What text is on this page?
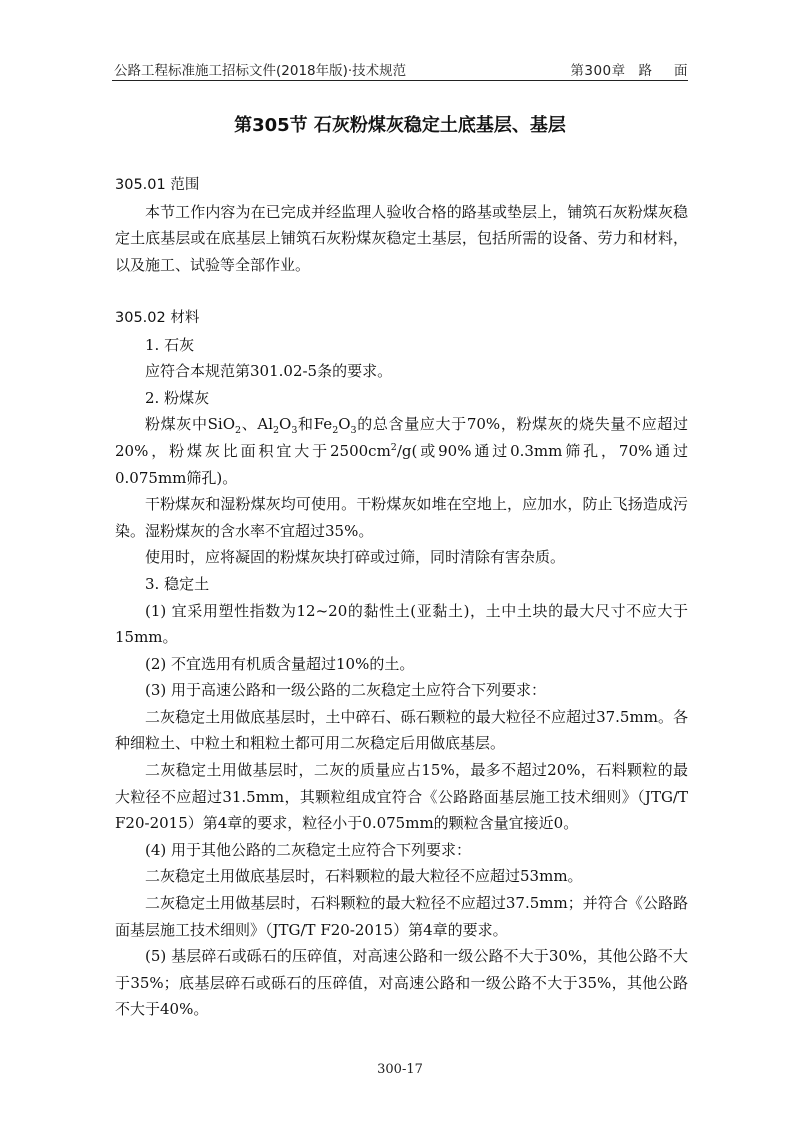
公路工程标准施工招标文件(2018年版)·技术规范	第300章 路 面
第305节 石灰粉煤灰稳定土底基层、基层

305.01 范围

本节工作内容为在已完成并经监理人验收合格的路基或垫层上，铺筑石灰粉煤灰稳定土底基层或在底基层上铺筑石灰粉煤灰稳定土基层，包括所需的设备、劳力和材料，以及施工、试验等全部作业。

305.02 材料

1. 石灰

应符合本规范第301.02-5条的要求。

2. 粉煤灰

粉煤灰中SiO$_2$、$Al_2O_3$和$Fe_2O_3$的总含量应大于70%，粉煤灰的烧失量不应超过20%，粉煤灰比面积宜大于$2500cm^2/g$(或90%通过0.3mm筛孔，70%通过0.075mm筛孔)。

干粉煤灰和湿粉煤灰均可使用。干粉煤灰如堆在空地上，应加水，防止飞扬造成污染。湿粉煤灰的含水率不宜超过35%。

使用时，应将凝固的粉煤灰块打碎或过筛，同时清除有害杂质。

3. 稳定土

(1) 宜采用塑性指数为12~20的黏性土(亚黏土)，土中土块的最大尺寸不应大于15mm。

(2) 不宜选用有机质含量超过10%的土。

(3) 用于高速公路和一级公路的二灰稳定土应符合下列要求：

二灰稳定土用做底基层时，土中碎石、砾石颗粒的最大粒径不应超过37.5mm。各种细粒土、中粒土和粗粒土都可用二灰稳定后用做底基层。

二灰稳定土用做基层时，二灰的质量应占15%，最多不超过20%，石料颗粒的最大粒径不应超过31.5mm，其颗粒组成宜符合《公路路面基层施工技术细则》（JTG/T F20-2015）第4章的要求，粒径小于0.075mm的颗粒含量宜接近0。

(4) 用于其他公路的二灰稳定土应符合下列要求：

二灰稳定土用做底基层时，石料颗粒的最大粒径不应超过53mm。

二灰稳定土用做基层时，石料颗粒的最大粒径不应超过37.5mm；并符合《公路路面基层施工技术细则》（JTG/T F20-2015）第4章的要求。

(5) 基层碎石或砾石的压碎值，对高速公路和一级公路不大于30%，其他公路不大于35%；底基层碎石或砾石的压碎值，对高速公路和一级公路不大于35%，其他公路不大于40%。

300-17
